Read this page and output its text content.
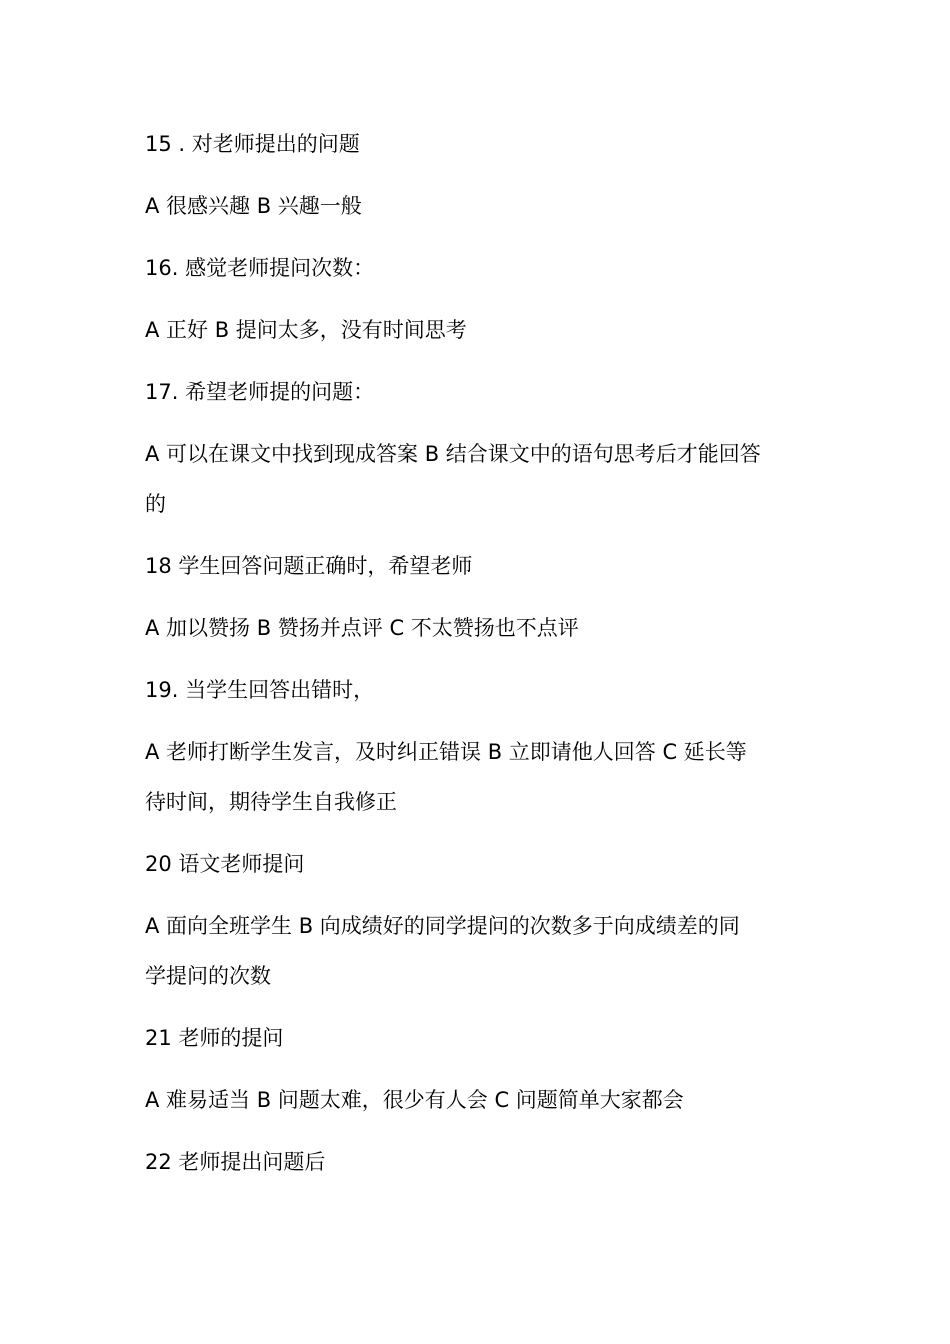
15 . 对老师提出的问题
A 很感兴趣 B 兴趣一般
16. 感觉老师提问次数：
A 正好 B 提问太多，没有时间思考
17. 希望老师提的问题：
A 可以在课文中找到现成答案 B 结合课文中的语句思考后才能回答
的
18 学生回答问题正确时，希望老师
A 加以赞扬 B 赞扬并点评 C 不太赞扬也不点评
19. 当学生回答出错时，
A 老师打断学生发言，及时纠正错误 B 立即请他人回答 C 延长等
待时间，期待学生自我修正
20 语文老师提问
A 面向全班学生 B 向成绩好的同学提问的次数多于向成绩差的同
学提问的次数
21 老师的提问
A 难易适当 B 问题太难，很少有人会 C 问题简单大家都会
22 老师提出问题后
